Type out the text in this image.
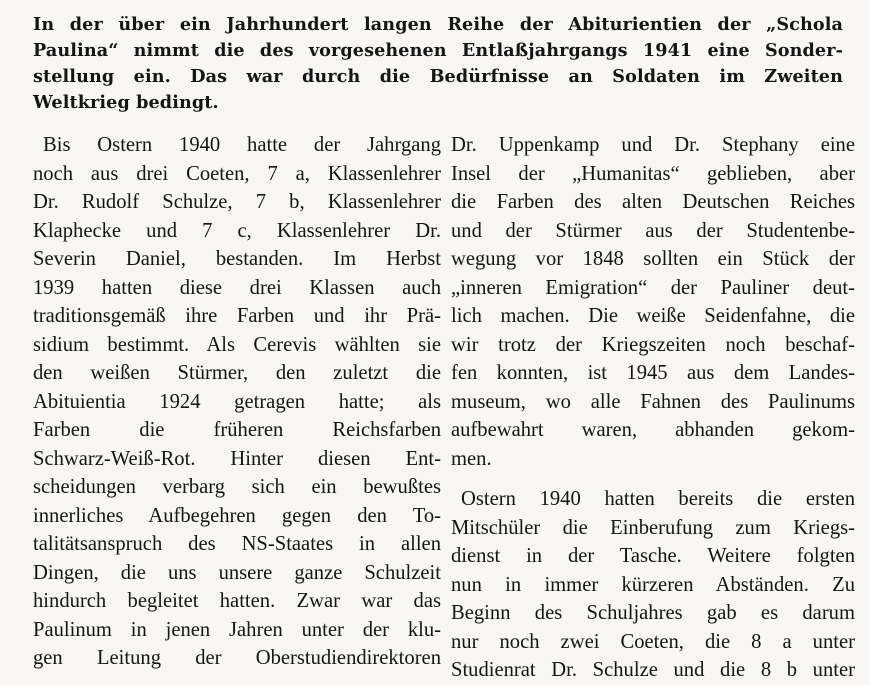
In der über ein Jahrhundert langen Reihe der Abiturientien der „Schola
Paulina“ nimmt die des vorgesehenen Entlaßjahrgangs 1941 eine Sonder-
stellung ein. Das war durch die Bedürfnisse an Soldaten im Zweiten
Weltkrieg bedingt.
Bis Ostern 1940 hatte der Jahrgang
noch aus drei Coeten, 7 a, Klassenlehrer
Dr. Rudolf Schulze, 7 b, Klassenlehrer
Klaphecke und 7 c, Klassenlehrer Dr.
Severin Daniel, bestanden. Im Herbst
1939 hatten diese drei Klassen auch
traditionsgemäß ihre Farben und ihr Prä-
sidium bestimmt. Als Cerevis wählten sie
den weißen Stürmer, den zuletzt die
Abituientia 1924 getragen hatte; als
Farben die früheren Reichsfarben
Schwarz-Weiß-Rot. Hinter diesen Ent-
scheidungen verbarg sich ein bewußtes
innerliches Aufbegehren gegen den To-
talitätsanspruch des NS-Staates in allen
Dingen, die uns unsere ganze Schulzeit
hindurch begleitet hatten. Zwar war das
Paulinum in jenen Jahren unter der klu-
gen Leitung der Oberstudiendirektoren
Dr. Uppenkamp und Dr. Stephany eine
Insel der „Humanitas“ geblieben, aber
die Farben des alten Deutschen Reiches
und der Stürmer aus der Studentenbe-
wegung vor 1848 sollten ein Stück der
„inneren Emigration“ der Pauliner deut-
lich machen. Die weiße Seidenfahne, die
wir trotz der Kriegszeiten noch beschaf-
fen konnten, ist 1945 aus dem Landes-
museum, wo alle Fahnen des Paulinums
aufbewahrt waren, abhanden gekom-
men.
Ostern 1940 hatten bereits die ersten
Mitschüler die Einberufung zum Kriegs-
dienst in der Tasche. Weitere folgten
nun in immer kürzeren Abständen. Zu
Beginn des Schuljahres gab es darum
nur noch zwei Coeten, die 8 a unter
Studienrat Dr. Schulze und die 8 b unter
